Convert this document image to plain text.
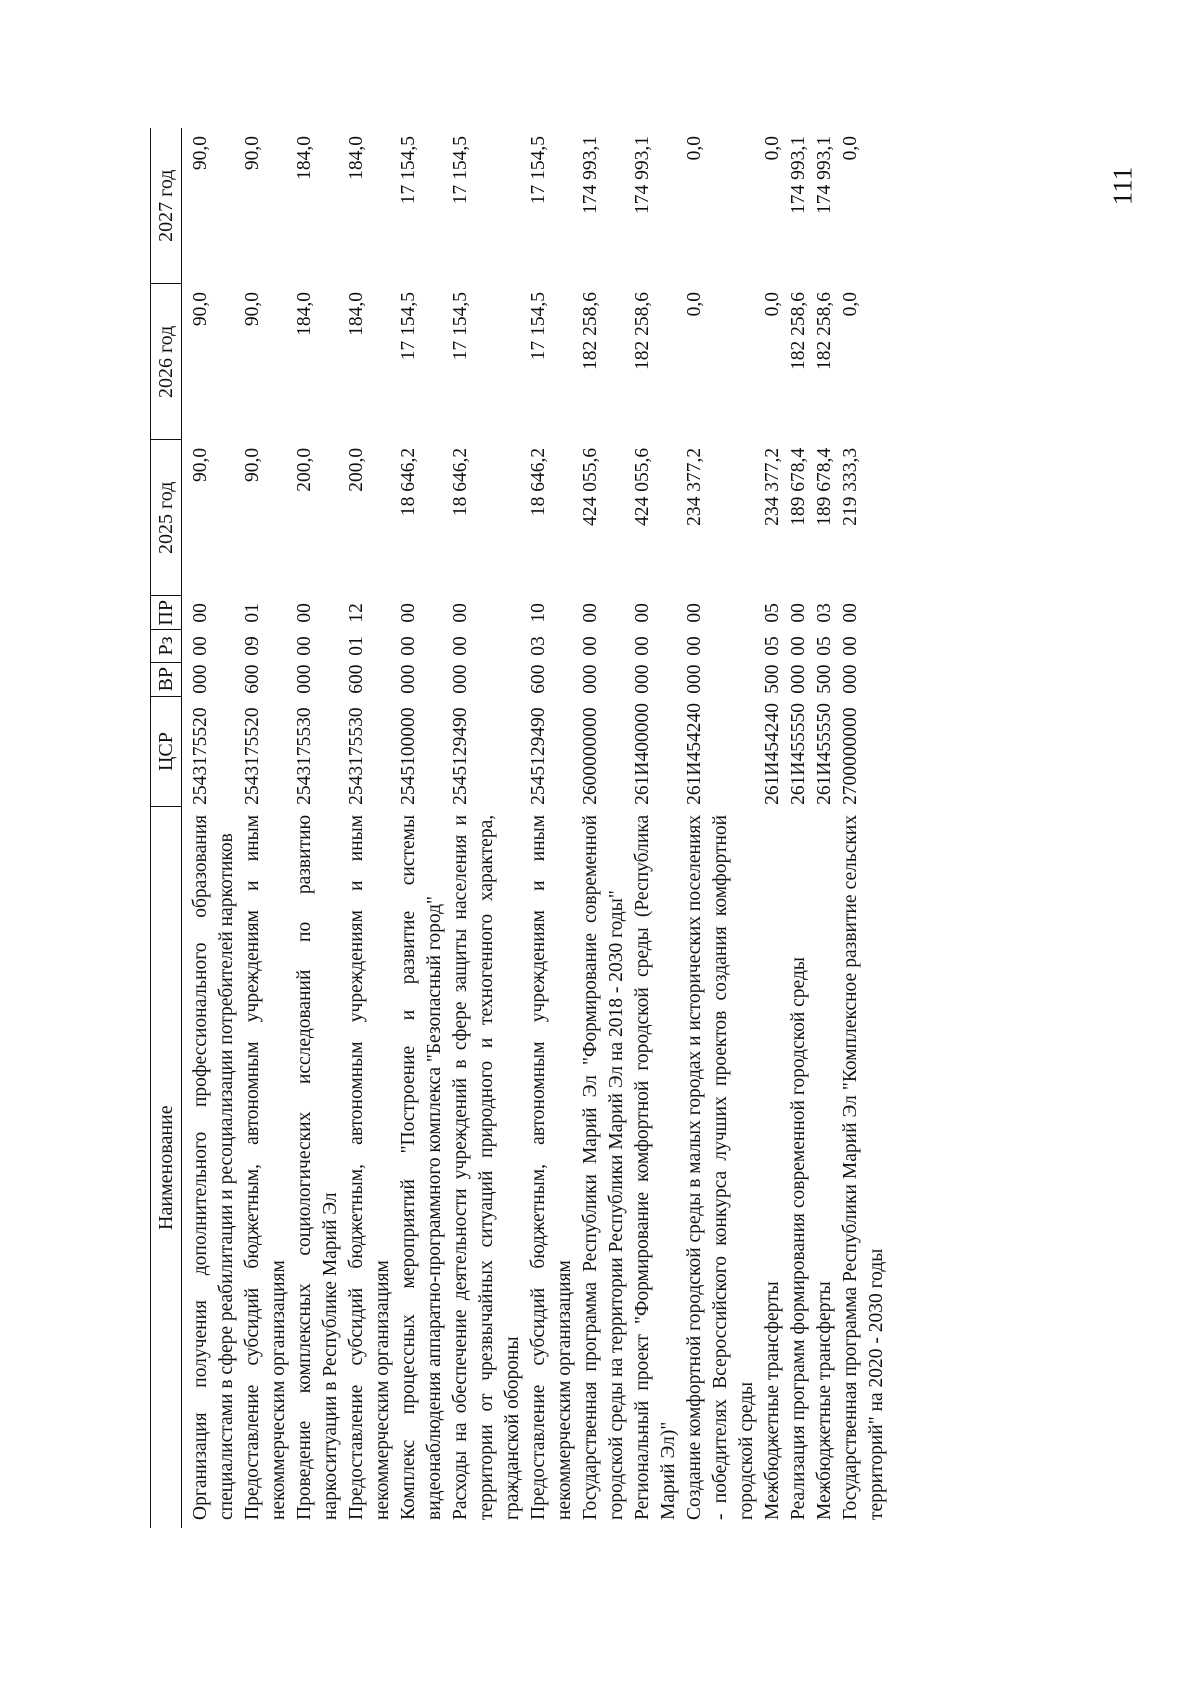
111
Наименование	ЦСР	ВР	Рз	ПР	2025 год	2026 год	2027 год
Организация получения дополнительного профессионального образования специалистами в сфере реабилитации и ресоциализации потребителей наркотиков	2543175520	000	00	00	90,0	90,0	90,0
Предоставление субсидий бюджетным, автономным учреждениям и иным некоммерческим организациям	2543175520	600	09	01	90,0	90,0	90,0
Проведение комплексных социологических исследований по развитию наркоситуации в Республике Марий Эл	2543175530	000	00	00	200,0	184,0	184,0
Предоставление субсидий бюджетным, автономным учреждениям и иным некоммерческим организациям	2543175530	600	01	12	200,0	184,0	184,0
Комплекс процессных мероприятий "Построение и развитие системы видеонаблюдения аппаратно-программного комплекса "Безопасный город"	2545100000	000	00	00	18 646,2	17 154,5	17 154,5
Расходы на обеспечение деятельности учреждений в сфере защиты населения и территории от чрезвычайных ситуаций природного и техногенного характера, гражданской обороны	2545129490	000	00	00	18 646,2	17 154,5	17 154,5
Предоставление субсидий бюджетным, автономным учреждениям и иным некоммерческим организациям	2545129490	600	03	10	18 646,2	17 154,5	17 154,5
Государственная программа Республики Марий Эл "Формирование современной городской среды на территории Республики Марий Эл на 2018 - 2030 годы"	2600000000	000	00	00	424 055,6	182 258,6	174 993,1
Региональный проект "Формирование комфортной городской среды (Республика Марий Эл)"	261И400000	000	00	00	424 055,6	182 258,6	174 993,1
Создание комфортной городской среды в малых городах и исторических поселениях - победителях Всероссийского конкурса лучших проектов создания комфортной городской среды	261И454240	000	00	00	234 377,2	0,0	0,0
Межбюджетные трансферты	261И454240	500	05	05	234 377,2	0,0	0,0
Реализация программ формирования современной городской среды	261И455550	000	00	00	189 678,4	182 258,6	174 993,1
Межбюджетные трансферты	261И455550	500	05	03	189 678,4	182 258,6	174 993,1
Государственная программа Республики Марий Эл "Комплексное развитие сельских территорий" на 2020 - 2030 годы	2700000000	000	00	00	219 333,3	0,0	0,0
